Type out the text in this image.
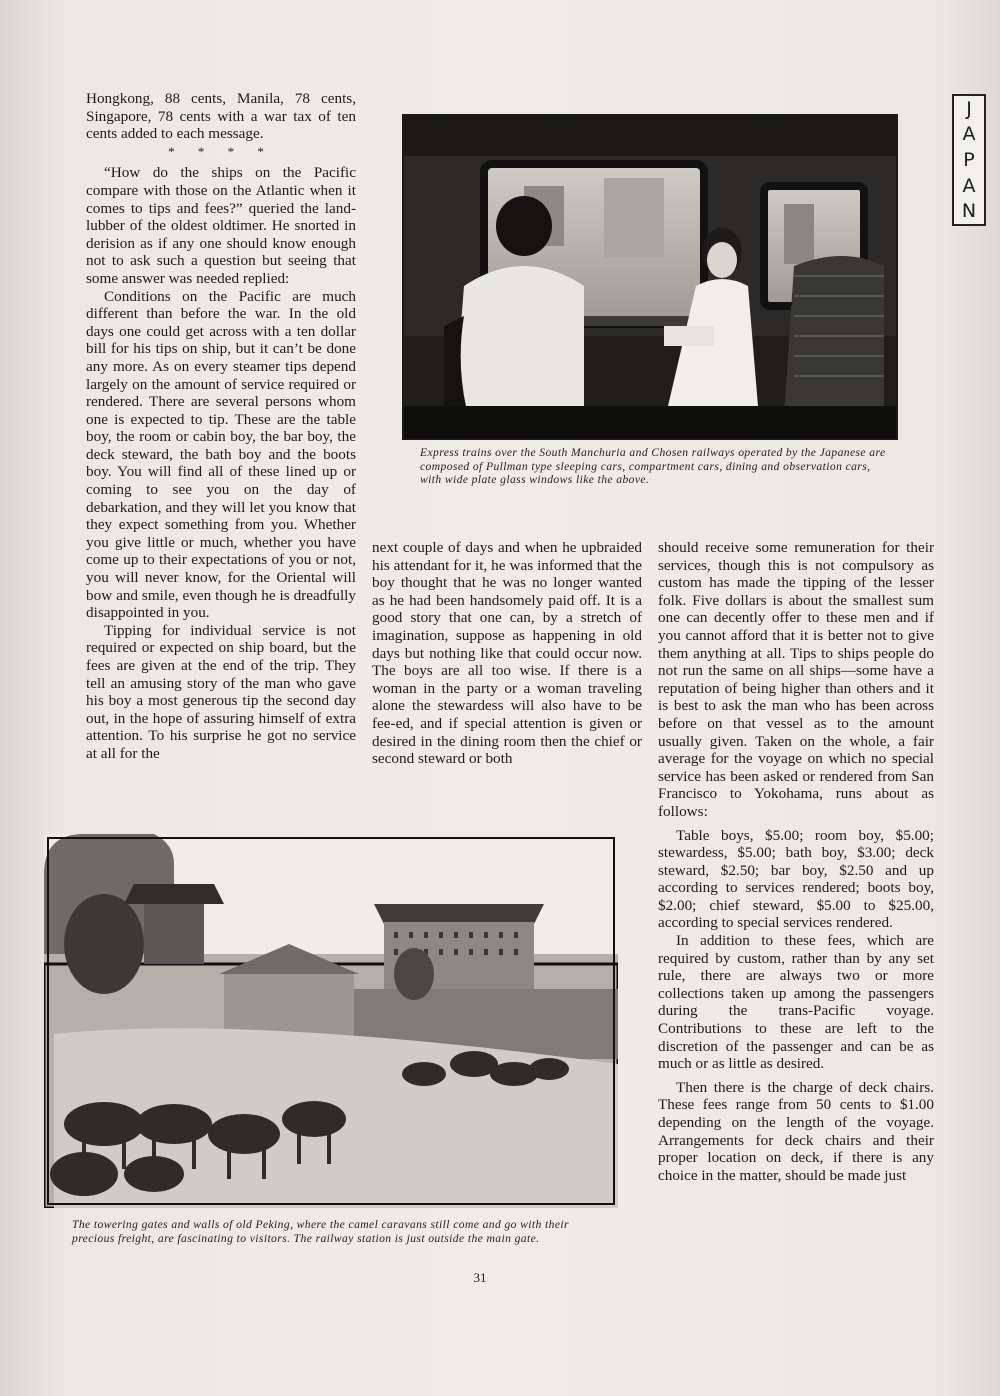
J
A
P
A
N

Hongkong, 88 cents, Manila, 78 cents, Singapore, 78 cents with a war tax of ten cents added to each message.

* * * *

“How do the ships on the Pacific compare with those on the Atlantic when it comes to tips and fees?” queried the land-lubber of the oldest oldtimer. He snorted in derision as if any one should know enough not to ask such a question but seeing that some answer was needed replied:

Conditions on the Pacific are much different than before the war. In the old days one could get across with a ten dollar bill for his tips on ship, but it can’t be done any more. As on every steamer tips depend largely on the amount of service required or rendered. There are several persons whom one is expected to tip. These are the table boy, the room or cabin boy, the bar boy, the deck steward, the bath boy and the boots boy. You will find all of these lined up or coming to see you on the day of debarkation, and they will let you know that they expect something from you. Whether you give little or much, whether you have come up to their expectations of you or not, you will never know, for the Oriental will bow and smile, even though he is dreadfully disappointed in you.

Tipping for individual service is not required or expected on ship board, but the fees are given at the end of the trip. They tell an amusing story of the man who gave his boy a most generous tip the second day out, in the hope of assuring himself of extra attention. To his surprise he got no service at all for the

Express trains over the South Manchuria and Chosen railways operated by the Japanese are composed of Pullman type sleeping cars, compartment cars, dining and observation cars, with wide plate glass windows like the above.

next couple of days and when he upbraided his attendant for it, he was informed that the boy thought that he was no longer wanted as he had been handsomely paid off. It is a good story that one can, by a stretch of imagination, suppose as happening in old days but nothing like that could occur now. The boys are all too wise. If there is a woman in the party or a woman traveling alone the stewardess will also have to be fee-ed, and if special attention is given or desired in the dining room then the chief or second steward or both

should receive some remuneration for their services, though this is not compulsory as custom has made the tipping of the lesser folk. Five dollars is about the smallest sum one can decently offer to these men and if you cannot afford that it is better not to give them anything at all. Tips to ships people do not run the same on all ships—some have a reputation of being higher than others and it is best to ask the man who has been across before on that vessel as to the amount usually given. Taken on the whole, a fair average for the voyage on which no special service has been asked or rendered from San Francisco to Yokohama, runs about as follows:

Table boys, $5.00; room boy, $5.00; stewardess, $5.00; bath boy, $3.00; deck steward, $2.50; bar boy, $2.50 and up according to services rendered; boots boy, $2.00; chief steward, $5.00 to $25.00, according to special services rendered.

In addition to these fees, which are required by custom, rather than by any set rule, there are always two or more collections taken up among the passengers during the trans-Pacific voyage. Contributions to these are left to the discretion of the passenger and can be as much or as little as desired.

Then there is the charge of deck chairs. These fees range from 50 cents to $1.00 depending on the length of the voyage. Arrangements for deck chairs and their proper location on deck, if there is any choice in the matter, should be made just

The towering gates and walls of old Peking, where the camel caravans still come and go with their precious freight, are fascinating to visitors. The railway station is just outside the main gate.
31
